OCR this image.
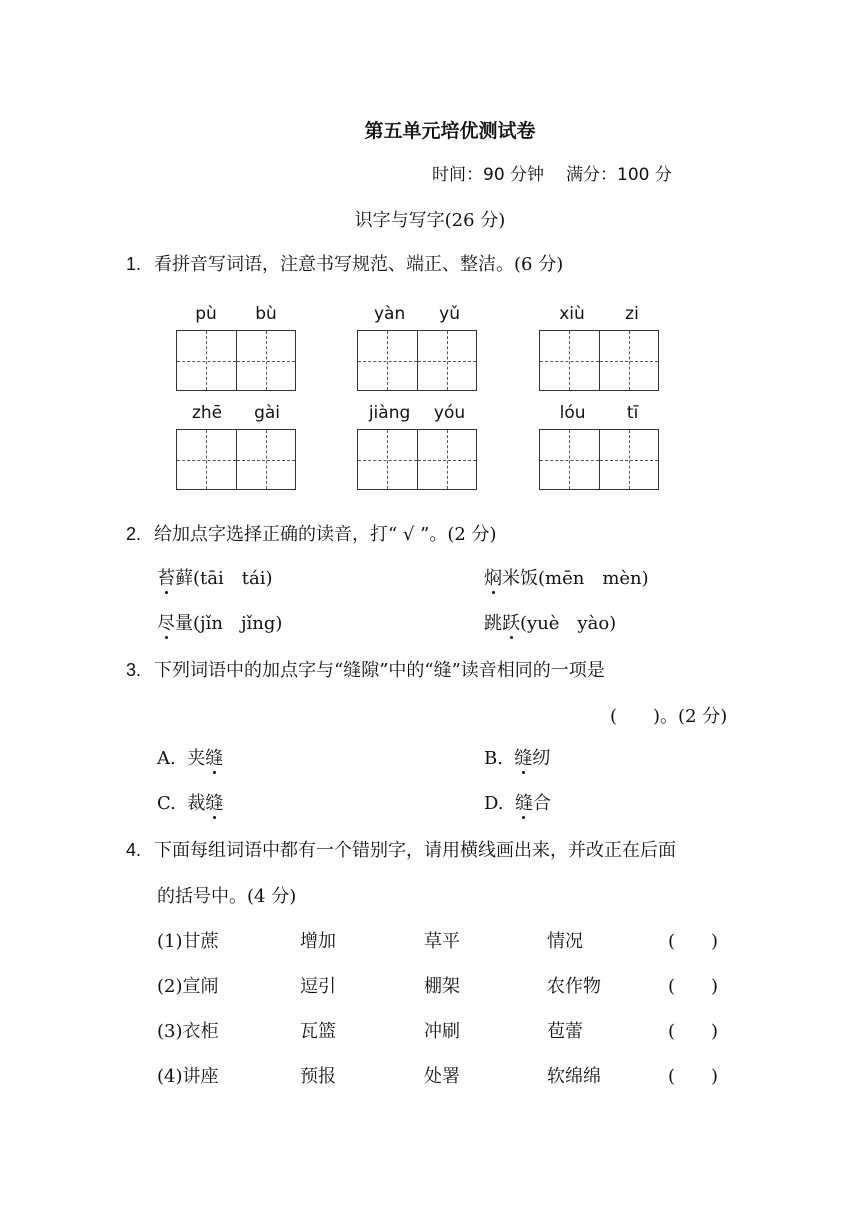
第五单元培优测试卷
时间：90 分钟 满分：100 分
识字与写字(26 分)
1. 看拼音写词语，注意书写规范、端正、整洁。(6 分)
pù bù	yàn yǔ	xiù zi
zhē gài	jiàng yóu	lóu tī
2. 给加点字选择正确的读音，打“ √ ”。(2 分)
苔藓(tāi　tái)	焖米饭(mēn　mèn)
尽量(jǐn　jǐng)	跳跃(yuè　yào)
3. 下列词语中的加点字与“缝隙”中的“缝”读音相同的一项是
(　　)。(2 分)
A. 夹缝	B. 缝纫
C. 裁缝	D. 缝合
4. 下面每组词语中都有一个错别字，请用横线画出来，并改正在后面
的括号中。(4 分)
(1)甘蔗	增加	草平	情况	(　　)
(2)宣闹	逗引	棚架	农作物	(　　)
(3)衣柜	瓦篮	冲刷	苞蕾	(　　)
(4)讲座	预报	处署	软绵绵	(　　)
